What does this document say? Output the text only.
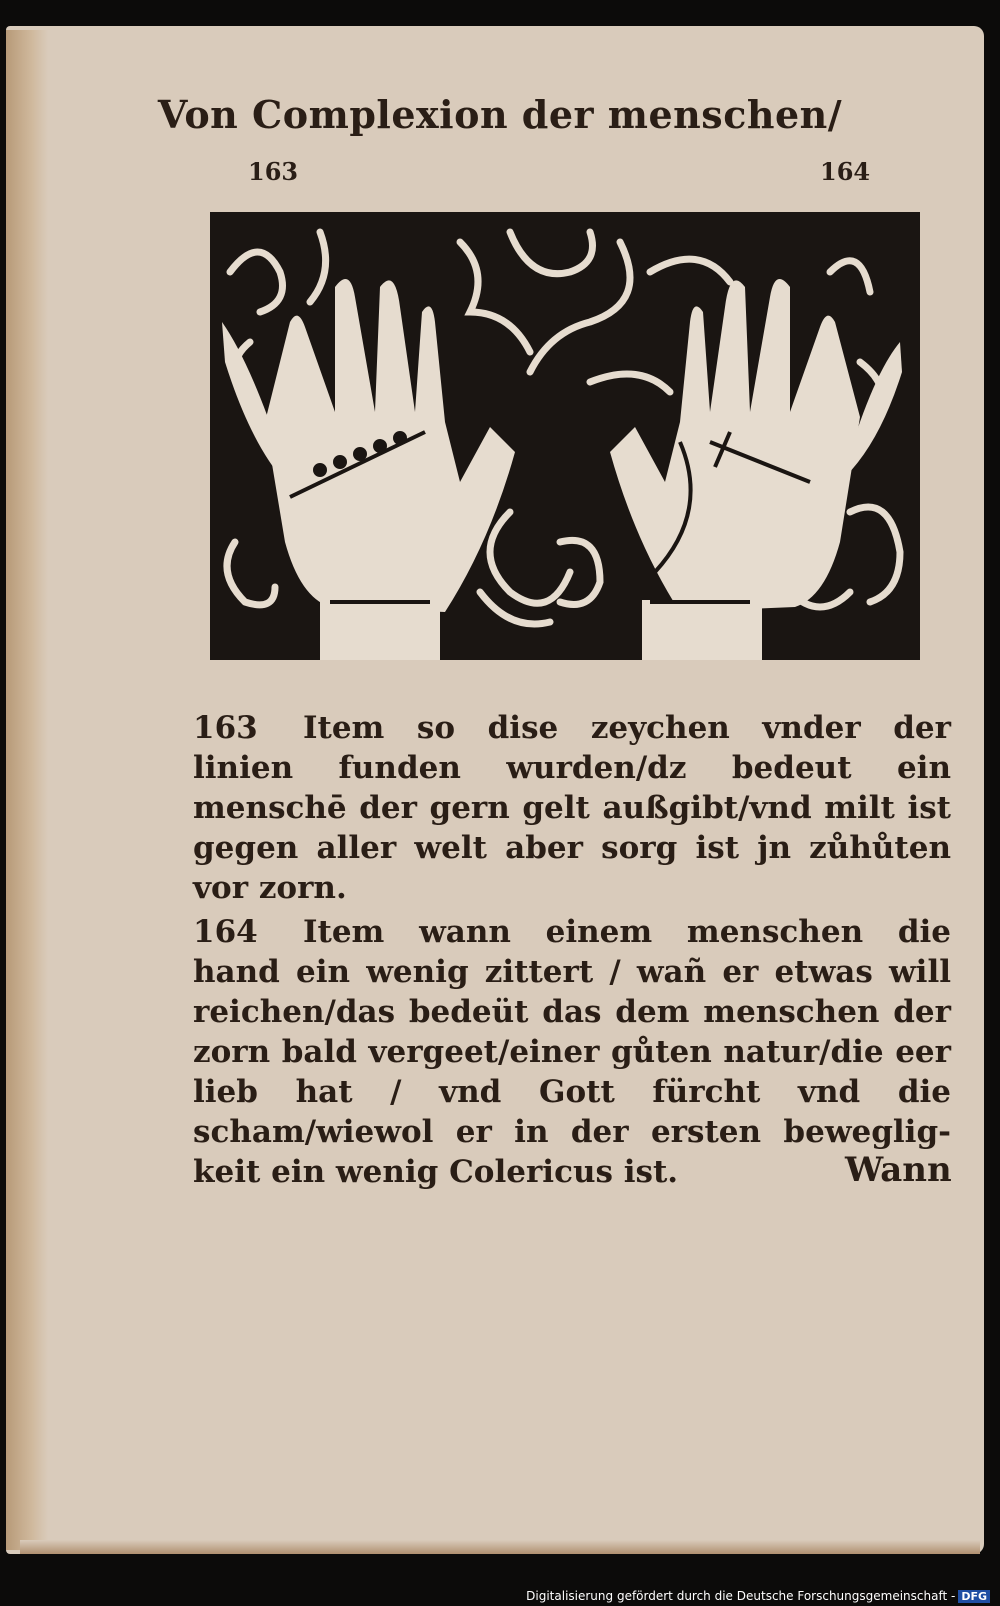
Von Complexion der menschen/
163	164
163 Item so dise zeychen vnder der linien funden wurden/dz bedeut ein menschē der gern gelt außgibt/vnd milt ist gegen aller welt aber sorg ist jn zůhůten vor zorn.
164 Item wann einem menschen die hand ein wenig zittert / wañ er etwas will reichen/das bedeüt das dem menschen der zorn bald vergeet/einer gůten natur/die eer lieb hat / vnd Gott fürcht vnd die scham/wiewol er in der ersten beweglig-keit ein wenig Colericus ist.	Wann
Digitalisierung gefördert durch die Deutsche Forschungsgemeinschaft - DFG
